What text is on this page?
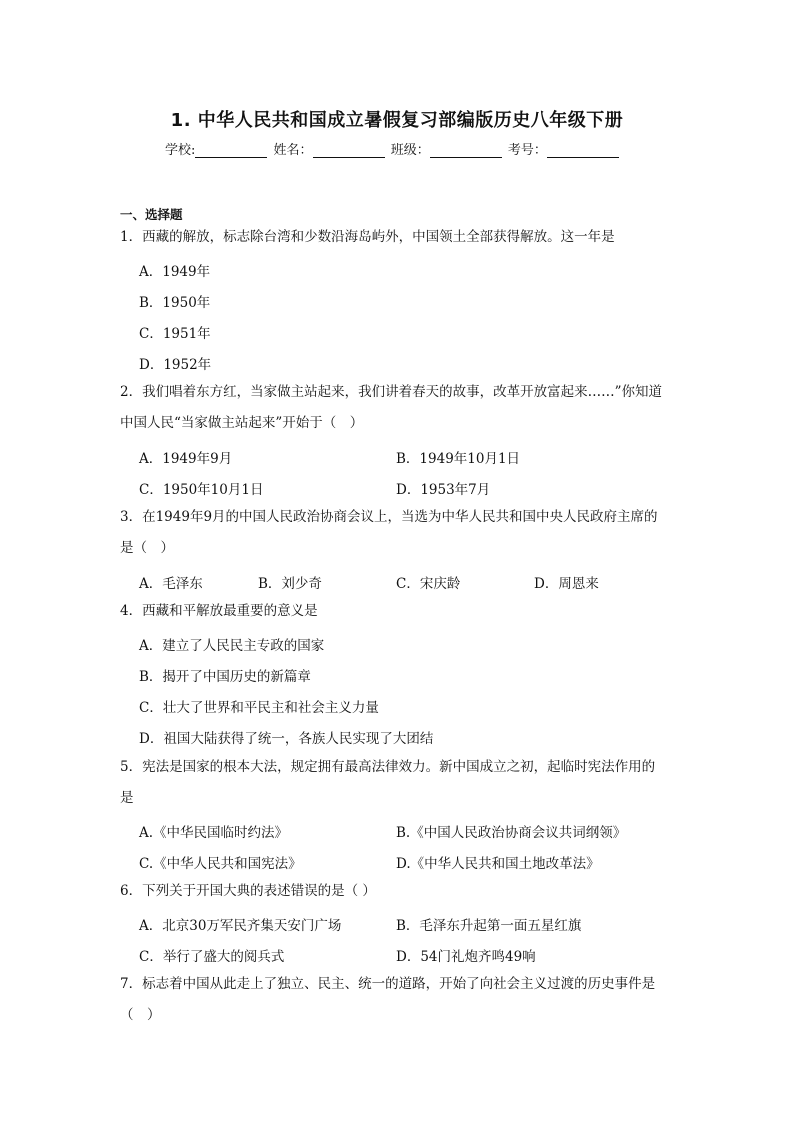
1. 中华人民共和国成立暑假复习部编版历史八年级下册
学校:	姓名：	班级：	考号：
一、选择题
1．西藏的解放，标志除台湾和少数沿海岛屿外，中国领土全部获得解放。这一年是
A．1949年
B．1950年
C．1951年
D．1952年
2．我们唱着东方红，当家做主站起来，我们讲着春天的故事，改革开放富起来……”你知道
中国人民“当家做主站起来”开始于（　）
A．1949年9月	B．1949年10月1日
C．1950年10月1日	D．1953年7月
3．在1949年9月的中国人民政治协商会议上，当选为中华人民共和国中央人民政府主席的
是（　）
A．毛泽东	B．刘少奇	C．宋庆龄	D．周恩来
4．西藏和平解放最重要的意义是
A．建立了人民民主专政的国家
B．揭开了中国历史的新篇章
C．壮大了世界和平民主和社会主义力量
D．祖国大陆获得了统一，各族人民实现了大团结
5．宪法是国家的根本大法，规定拥有最高法律效力。新中国成立之初，起临时宪法作用的
是
A.《中华民国临时约法》	B.《中国人民政治协商会议共词纲领》
C.《中华人民共和国宪法》	D.《中华人民共和国土地改革法》
6．下列关于开国大典的表述错误的是（ ）
A．北京30万军民齐集天安门广场	B．毛泽东升起第一面五星红旗
C．举行了盛大的阅兵式	D．54门礼炮齐鸣49响
7．标志着中国从此走上了独立、民主、统一的道路，开始了向社会主义过渡的历史事件是
（　）
